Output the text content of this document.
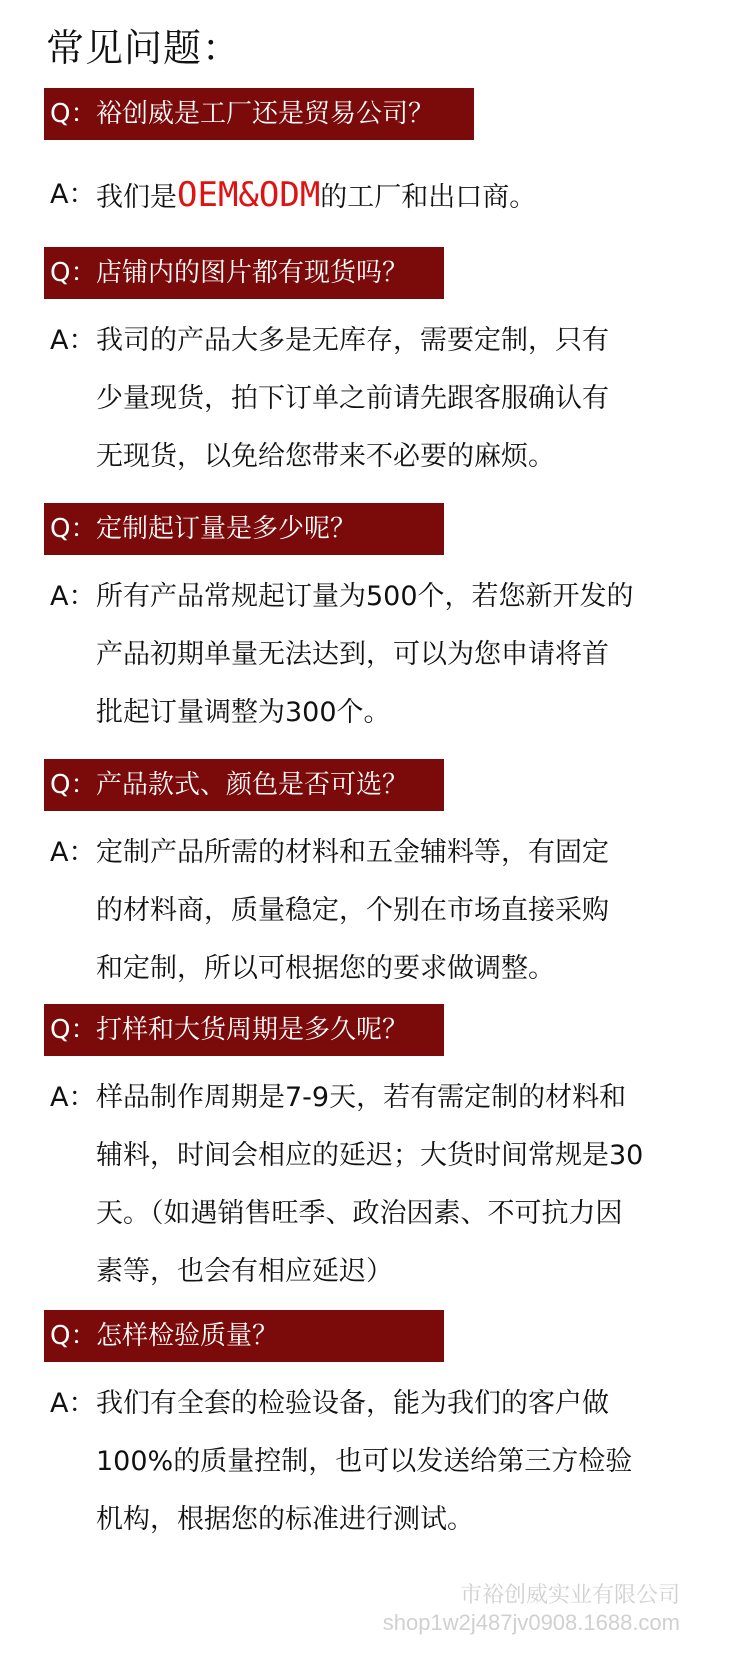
常见问题：
Q：裕创威是工厂还是贸易公司？
A： 我们是OEM&ODM的工厂和出口商。
Q：店铺内的图片都有现货吗？
A： 我司的产品大多是无库存，需要定制，只有
少量现货，拍下订单之前请先跟客服确认有
无现货，以免给您带来不必要的麻烦。
Q：定制起订量是多少呢？
A： 所有产品常规起订量为500个，若您新开发的
产品初期单量无法达到，可以为您申请将首
批起订量调整为300个。
Q：产品款式、颜色是否可选？
A： 定制产品所需的材料和五金辅料等，有固定
的材料商，质量稳定，个别在市场直接采购
和定制，所以可根据您的要求做调整。
Q：打样和大货周期是多久呢？
A： 样品制作周期是7-9天，若有需定制的材料和
辅料，时间会相应的延迟；大货时间常规是30
天。（如遇销售旺季、政治因素、不可抗力因
素等，也会有相应延迟）
Q：怎样检验质量？
A： 我们有全套的检验设备，能为我们的客户做
100%的质量控制，也可以发送给第三方检验
机构，根据您的标准进行测试。
市裕创威实业有限公司
shop1w2j487jv0908.1688.com
